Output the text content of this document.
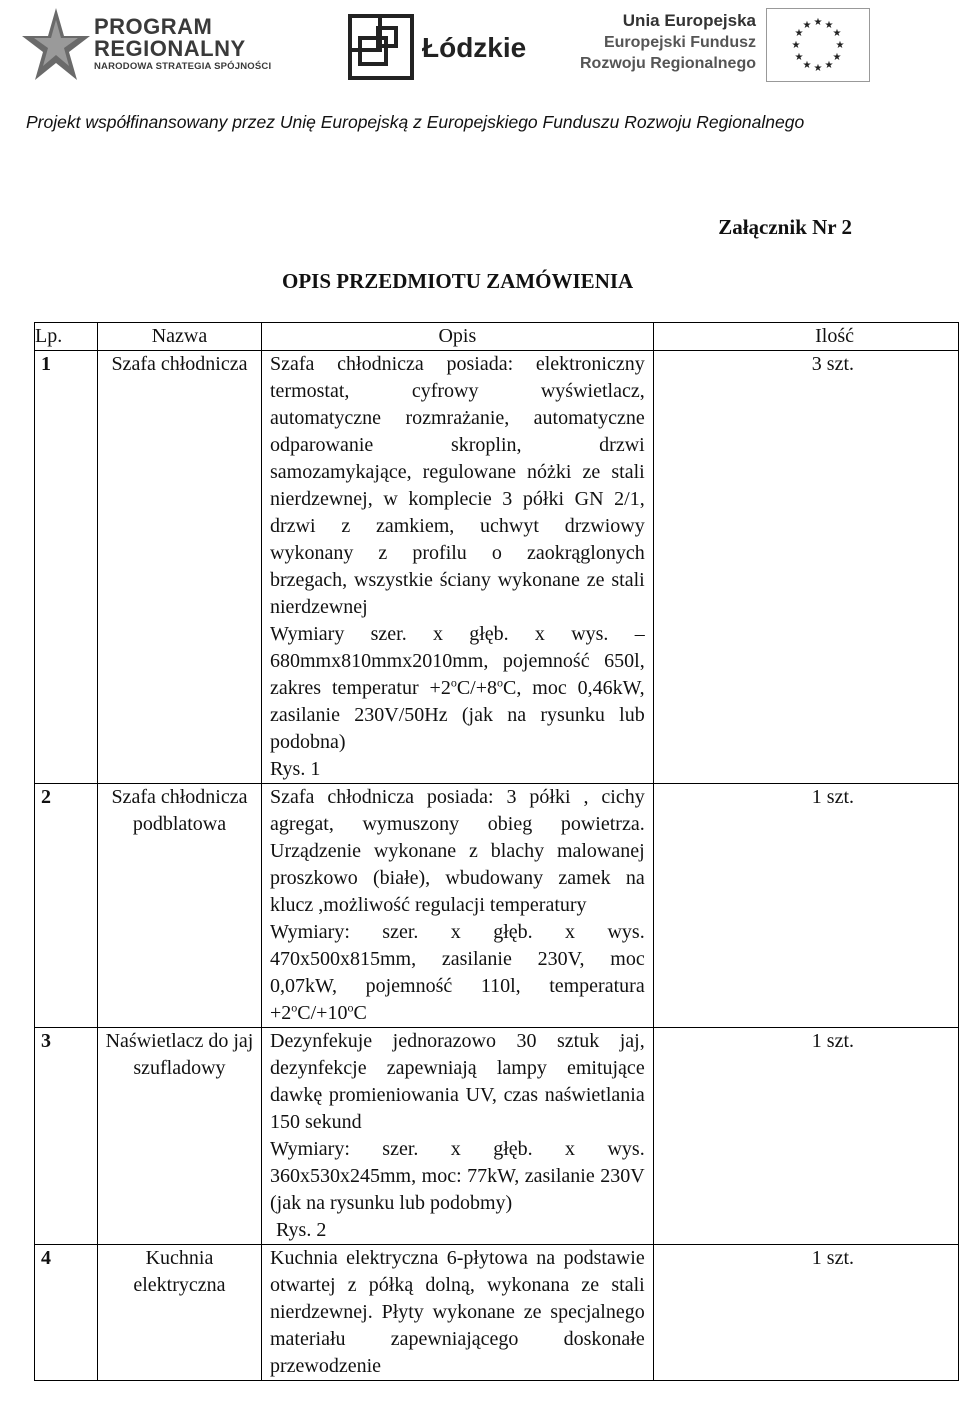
PROGRAM
REGIONALNY
NARODOWA STRATEGIA SPÓJNOŚCI
Łódzkie
Unia Europejska
Europejski Fundusz
Rozwoju Regionalnego
★ ★
★
★
★
★
★
★
★
★
★
★
Projekt współfinansowany przez Unię Europejską z Europejskiego Funduszu Rozwoju Regionalnego
Załącznik Nr 2
OPIS PRZEDMIOTU ZAMÓWIENIA
Lp.	Nazwa	Opis	Ilość
1	Szafa chłodnicza	Szafa chłodnicza posiada: elektroniczny termostat, cyfrowy wyświetlacz, automatyczne rozmrażanie, automatyczne odparowanie skroplin, drzwi samozamykające, regulowane nóżki ze stali nierdzewnej, w komplecie 3 półki GN 2/1, drzwi z zamkiem, uchwyt drzwiowy wykonany z profilu o zaokrąglonych brzegach, wszystkie ściany wykonane ze stali nierdzewnej
Wymiary szer. x głęb. x wys. – 680mmx810mmx2010mm, pojemność 650l, zakres temperatur $+2^oC/+8^oC$, moc 0,46kW, zasilanie 230V/50Hz (jak na rysunku lub podobna)
Rys. 1	3 szt.
2	Szafa chłodnicza podblatowa	Szafa chłodnicza posiada: 3 półki , cichy agregat, wymuszony obieg powietrza. Urządzenie wykonane z blachy malowanej proszkowo (białe), wbudowany zamek na klucz ,możliwość regulacji temperatury
Wymiary: szer. x głęb. x wys. 470x500x815mm, zasilanie 230V, moc 0,07kW, pojemność 110l, temperatura $+2^oC/+10^oC$	1 szt.
3	Naświetlacz do jaj szufladowy	Dezynfekuje jednorazowo 30 sztuk jaj, dezynfekcje zapewniają lampy emitujące dawkę promieniowania UV, czas naświetlania 150 sekund
Wymiary: szer. x głęb. x wys. 360x530x245mm, moc: 77kW, zasilanie 230V (jak na rysunku lub podobmy)
Rys. 2	1 szt.
4	Kuchnia elektryczna	Kuchnia elektryczna 6-płytowa na podstawie otwartej z półką dolną, wykonana ze stali nierdzewnej. Płyty wykonane ze specjalnego materiału zapewniającego doskonałe przewodzenie	1 szt.
